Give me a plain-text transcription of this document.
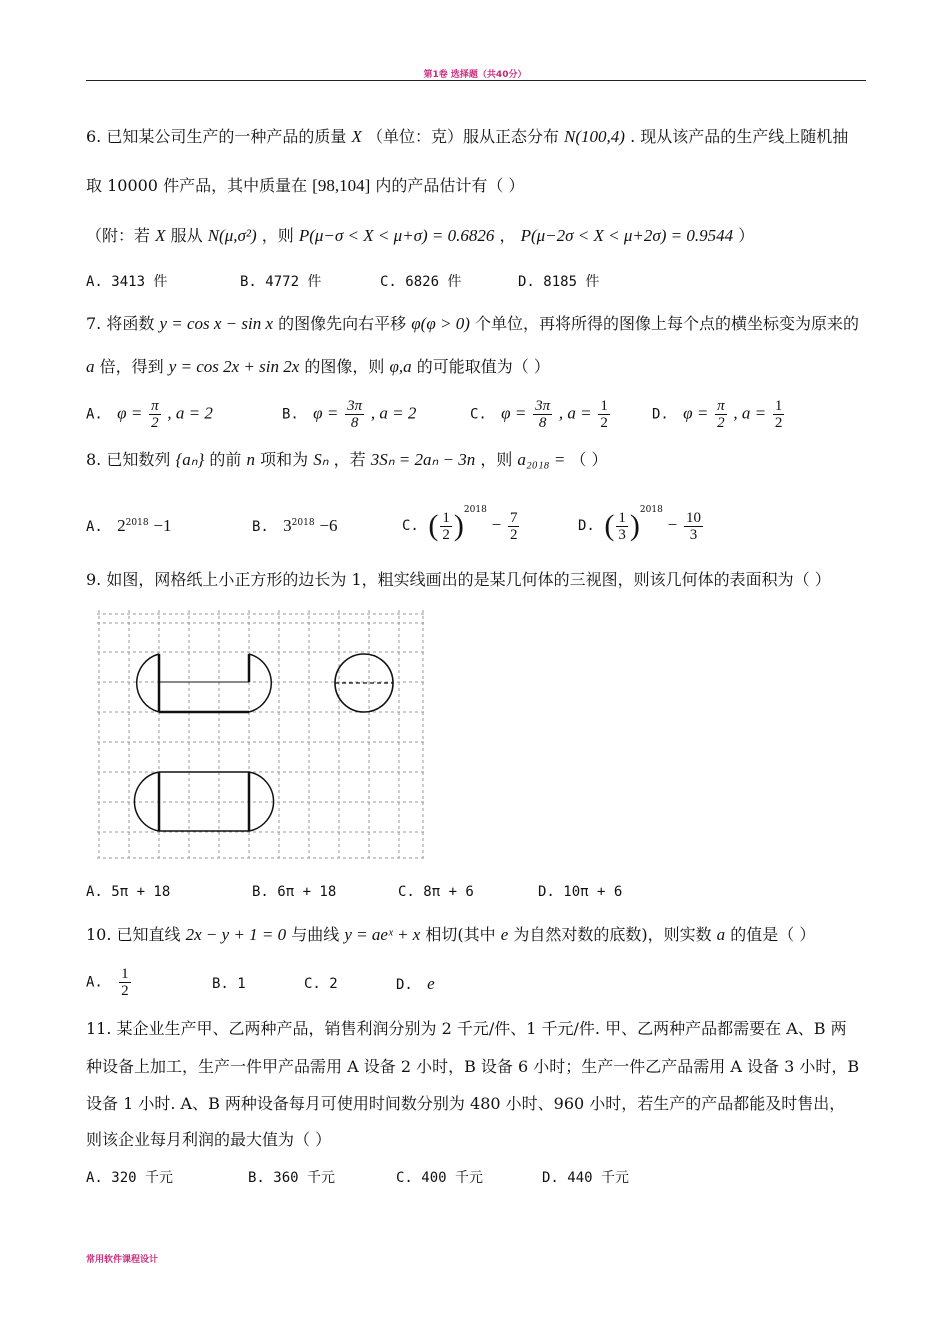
第1卷 选择题（共40分）
6. 已知某公司生产的一种产品的质量 X （单位：克）服从正态分布 N(100,4) . 现从该产品的生产线上随机抽
取 10000 件产品，其中质量在 [98,104] 内的产品估计有（ ）
（附：若 X 服从 N(μ,σ²) ，则 P(μ−σ < X < μ+σ) = 0.6826 ， P(μ−2σ < X < μ+2σ) = 0.9544 ）
A. 3413 件	B. 4772 件	C. 6826 件	D. 8185 件
7. 将函数 y = cos x − sin x 的图像先向右平移 φ(φ > 0) 个单位，再将所得的图像上每个点的横坐标变为原来的
a 倍，得到 y = cos 2x + sin 2x 的图像，则 φ,a 的可能取值为（ ）
A. $\varphi = \frac{\pi}{2}$ , a = 2	B. $\varphi = \frac{3\pi}{8}$ , a = 2	C. $\varphi = \frac{3\pi}{8}$ , $a = \frac{1}{2}$	D. $\varphi = \frac{\pi}{2}$ , $a = \frac{1}{2}$
8. 已知数列 {aₙ} 的前 n 项和为 Sₙ ，若 3Sₙ = 2aₙ − 3n ，则 a₂₀₁₈ = （ ）
A. $2^{2018} -1$	B. $3^{2018} -6$	C. ( $\frac{1}{2} )^{2018} - \frac{7}{2}$	D. ( $\frac{1}{3} )^{2018} - \frac{10}{3}$
9. 如图，网格纸上小正方形的边长为 1，粗实线画出的是某几何体的三视图，则该几何体的表面积为（ ）
A. 5π + 18	B. 6π + 18	C. 8π + 6	D. 10π + 6
10. 已知直线 2x − y + 1 = 0 与曲线 y = aeˣ + x 相切(其中 e 为自然对数的底数)，则实数 a 的值是（ ）
A. $\frac{1}{2}$	B. 1	C. 2	D. e
11. 某企业生产甲、乙两种产品，销售利润分别为 2 千元/件、1 千元/件. 甲、乙两种产品都需要在 A、B 两
种设备上加工，生产一件甲产品需用 A 设备 2 小时，B 设备 6 小时；生产一件乙产品需用 A 设备 3 小时，B
设备 1 小时. A、B 两种设备每月可使用时间数分别为 480 小时、960 小时，若生产的产品都能及时售出，
则该企业每月利润的最大值为（ ）
A. 320 千元	B. 360 千元	C. 400 千元	D. 440 千元
常用软件课程设计
